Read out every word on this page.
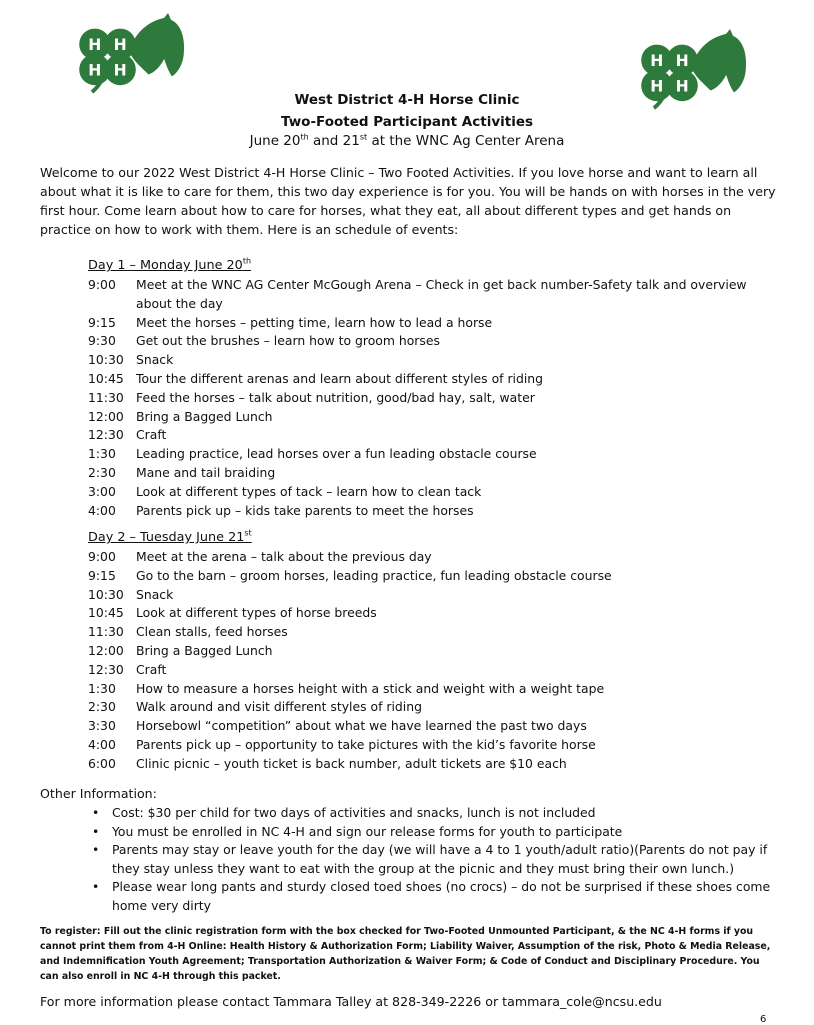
H H
H H
H H
H H
West District 4-H Horse Clinic
Two-Footed Participant Activities
June 20th and 21st at the WNC Ag Center Arena

Welcome to our 2022 West District 4-H Horse Clinic – Two Footed Activities. If you love horse and want to learn all about what it is like to care for them, this two day experience is for you. You will be hands on with horses in the very first hour. Come learn about how to care for horses, what they eat, all about different types and get hands on practice on how to work with them. Here is an schedule of events:

Day 1 – Monday June 20th
9:00	Meet at the WNC AG Center McGough Arena – Check in get back number-Safety talk and overview about the day
9:15	Meet the horses – petting time, learn how to lead a horse
9:30	Get out the brushes – learn how to groom horses
10:30 Snack
10:45 Tour the different arenas and learn about different styles of riding
11:30 Feed the horses – talk about nutrition, good/bad hay, salt, water
12:00 Bring a Bagged Lunch
12:30 Craft
1:30	Leading practice, lead horses over a fun leading obstacle course
2:30	Mane and tail braiding
3:00	Look at different types of tack – learn how to clean tack
4:00	Parents pick up – kids take parents to meet the horses
Day 2 – Tuesday June 21st
9:00	Meet at the arena – talk about the previous day
9:15	Go to the barn – groom horses, leading practice, fun leading obstacle course
10:30 Snack
10:45 Look at different types of horse breeds
11:30 Clean stalls, feed horses
12:00 Bring a Bagged Lunch
12:30 Craft
1:30	How to measure a horses height with a stick and weight with a weight tape
2:30	Walk around and visit different styles of riding
3:30	Horsebowl “competition” about what we have learned the past two days
4:00	Parents pick up – opportunity to take pictures with the kid’s favorite horse
6:00	Clinic picnic – youth ticket is back number, adult tickets are $10 each
Other Information:
• Cost: $30 per child for two days of activities and snacks, lunch is not included
• You must be enrolled in NC 4-H and sign our release forms for youth to participate
• Parents may stay or leave youth for the day (we will have a 4 to 1 youth/adult ratio)(Parents do not pay if they stay unless they want to eat with the group at the picnic and they must bring their own lunch.)
• Please wear long pants and sturdy closed toed shoes (no crocs) – do not be surprised if these shoes come home very dirty

To register: Fill out the clinic registration form with the box checked for Two-Footed Unmounted Participant, & the NC 4-H forms if you cannot print them from 4-H Online: Health History & Authorization Form; Liability Waiver, Assumption of the risk, Photo & Media Release, and Indemnification Youth Agreement; Transportation Authorization & Waiver Form; & Code of Conduct and Disciplinary Procedure. You can also enroll in NC 4-H through this packet.

For more information please contact Tammara Talley at 828-349-2226 or tammara_cole@ncsu.edu
6
